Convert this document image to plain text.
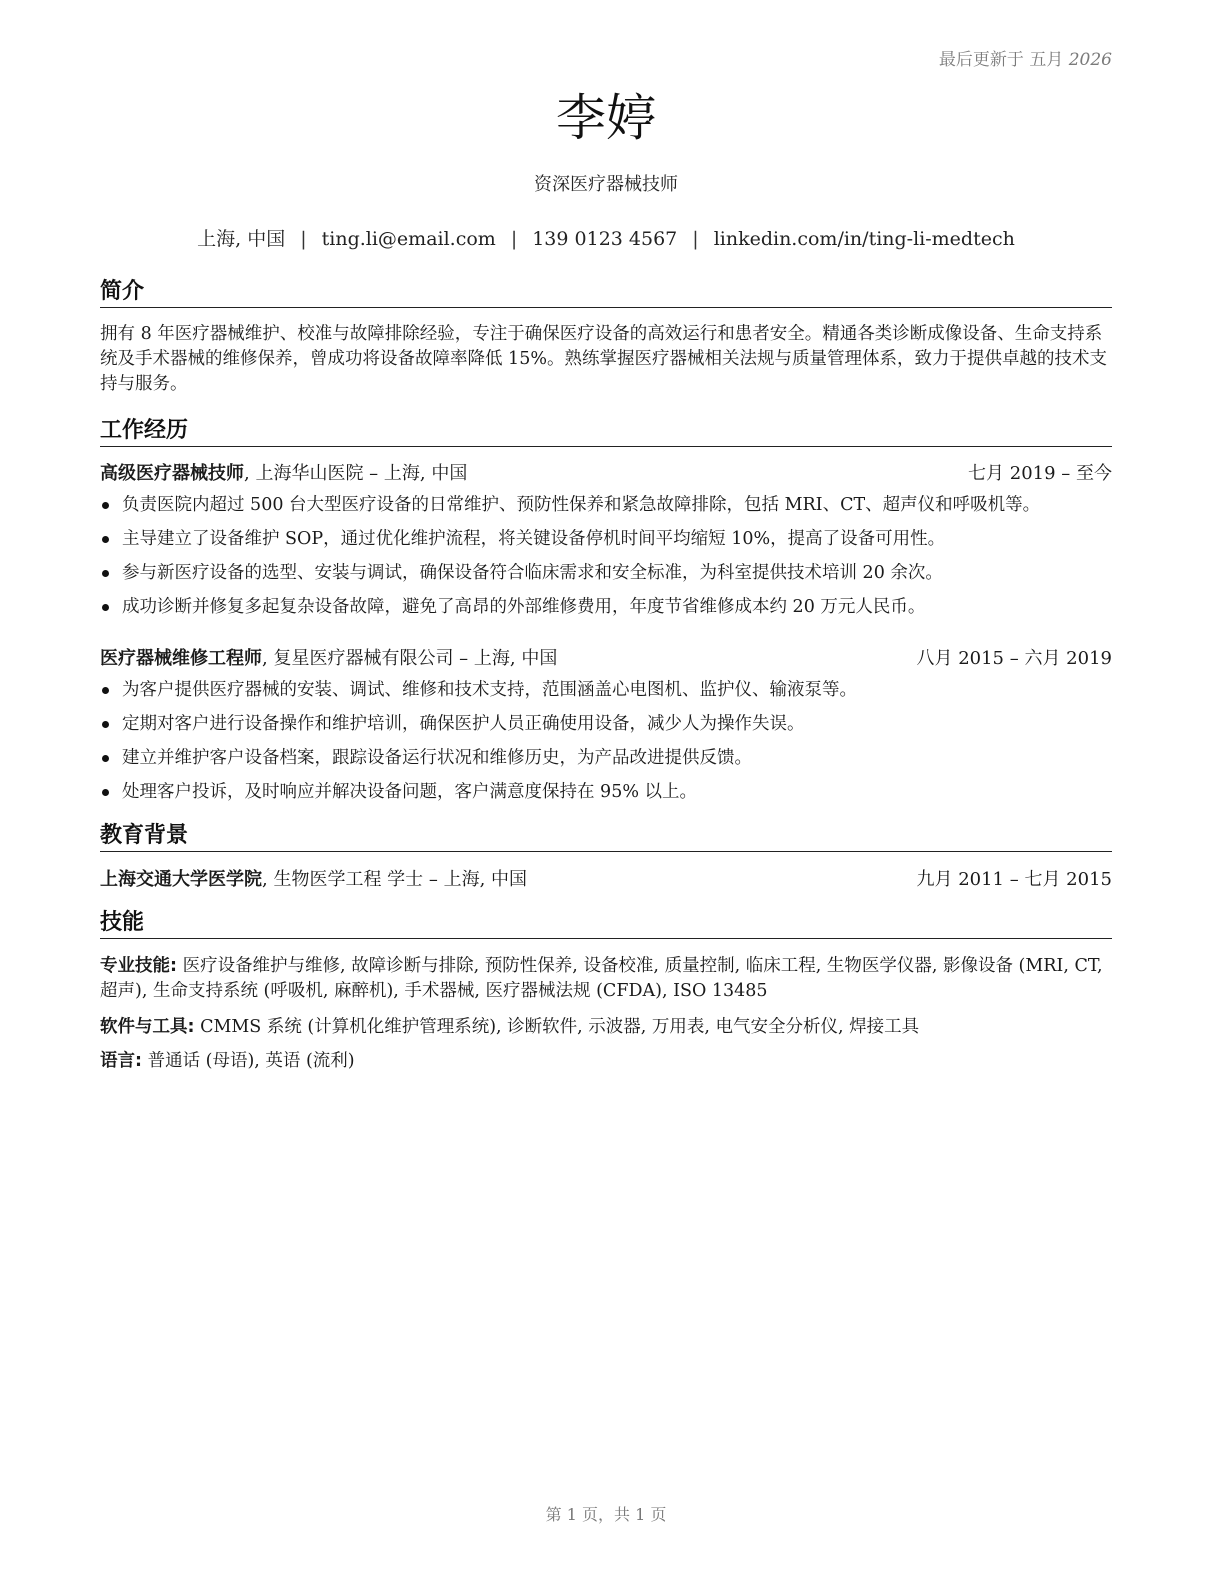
最后更新于 五月 2026
李婷
资深医疗器械技师
上海, 中国 | ting.li@email.com | 139 0123 4567 | linkedin.com/in/ting-li-medtech
简介
拥有 8 年医疗器械维护、校准与故障排除经验，专注于确保医疗设备的高效运行和患者安全。精通各类诊断成像设备、生命支持系统及手术器械的维修保养，曾成功将设备故障率降低 15%。熟练掌握医疗器械相关法规与质量管理体系，致力于提供卓越的技术支持与服务。
工作经历
高级医疗器械技师, 上海华山医院 – 上海, 中国	七月 2019 – 至今
负责医院内超过 500 台大型医疗设备的日常维护、预防性保养和紧急故障排除，包括 MRI、CT、超声仪和呼吸机等。
主导建立了设备维护 SOP，通过优化维护流程，将关键设备停机时间平均缩短 10%，提高了设备可用性。
参与新医疗设备的选型、安装与调试，确保设备符合临床需求和安全标准，为科室提供技术培训 20 余次。
成功诊断并修复多起复杂设备故障，避免了高昂的外部维修费用，年度节省维修成本约 20 万元人民币。
医疗器械维修工程师, 复星医疗器械有限公司 – 上海, 中国	八月 2015 – 六月 2019
为客户提供医疗器械的安装、调试、维修和技术支持，范围涵盖心电图机、监护仪、输液泵等。
定期对客户进行设备操作和维护培训，确保医护人员正确使用设备，减少人为操作失误。
建立并维护客户设备档案，跟踪设备运行状况和维修历史，为产品改进提供反馈。
处理客户投诉，及时响应并解决设备问题，客户满意度保持在 95% 以上。
教育背景
上海交通大学医学院, 生物医学工程 学士 – 上海, 中国	九月 2011 – 七月 2015
技能
专业技能: 医疗设备维护与维修, 故障诊断与排除, 预防性保养, 设备校准, 质量控制, 临床工程, 生物医学仪器, 影像设备 (MRI, CT, 超声), 生命支持系统 (呼吸机, 麻醉机), 手术器械, 医疗器械法规 (CFDA), ISO 13485
软件与工具: CMMS 系统 (计算机化维护管理系统), 诊断软件, 示波器, 万用表, 电气安全分析仪, 焊接工具
语言: 普通话 (母语), 英语 (流利)
第 1 页，共 1 页
